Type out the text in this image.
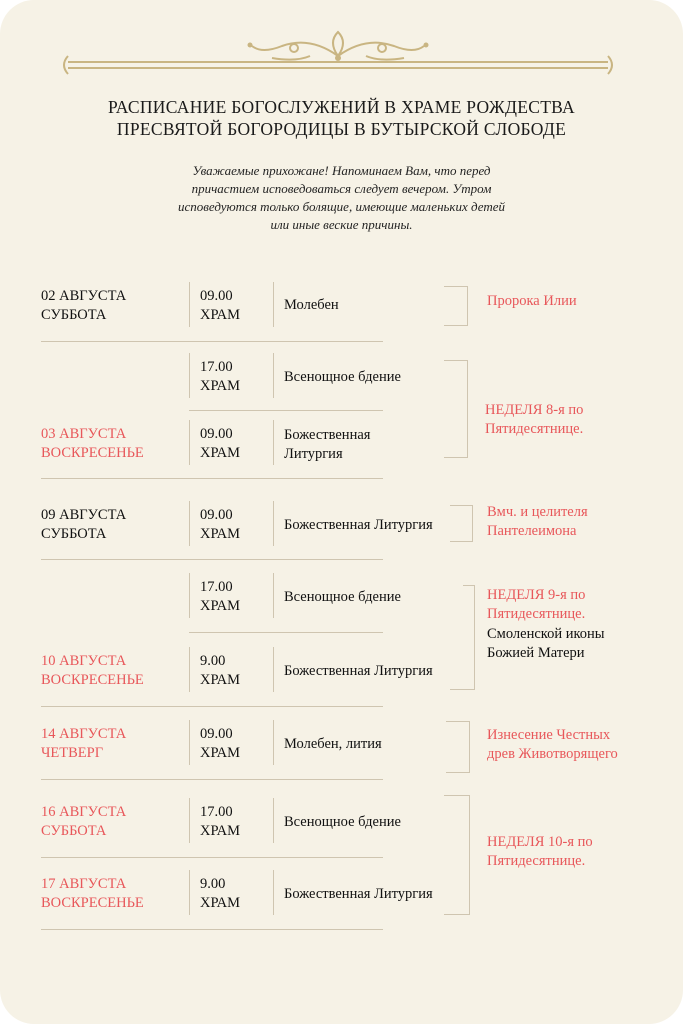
РАСПИСАНИЕ БОГОСЛУЖЕНИЙ В ХРАМЕ РОЖДЕСТВА
ПРЕСВЯТОЙ БОГОРОДИЦЫ В БУТЫРСКОЙ СЛОБОДЕ
Уважаемые прихожане! Напоминаем Вам, что перед
причастием исповедоваться следует вечером. Утром
исповедуются только болящие, имеющие маленьких детей
или иные веские причины.
02 АВГУСТА
СУББОТА
09.00
ХРАМ
Молебен	Пророка Илии
17.00
ХРАМ
Всенощное бдение
03 АВГУСТА
ВОСКРЕСЕНЬЕ
09.00
ХРАМ
Божественная
Литургия
НЕДЕЛЯ 8-я по
Пятидесятнице.
09 АВГУСТА
СУББОТА
09.00
ХРАМ
Божественная Литургия
Вмч. и целителя
Пантелеимона
17.00
ХРАМ
Всенощное бдение
10 АВГУСТА
ВОСКРЕСЕНЬЕ
9.00
ХРАМ
Божественная Литургия
НЕДЕЛЯ 9-я по
Пятидесятнице.
Смоленской иконы
Божией Матери
14 АВГУСТА
ЧЕТВЕРГ
09.00
ХРАМ
Молебен, лития
Изнесение Честных
древ Животворящего
16 АВГУСТА
СУББОТА
17.00
ХРАМ
Всенощное бдение
17 АВГУСТА
ВОСКРЕСЕНЬЕ
9.00
ХРАМ
Божественная Литургия
НЕДЕЛЯ 10-я по
Пятидесятнице.
